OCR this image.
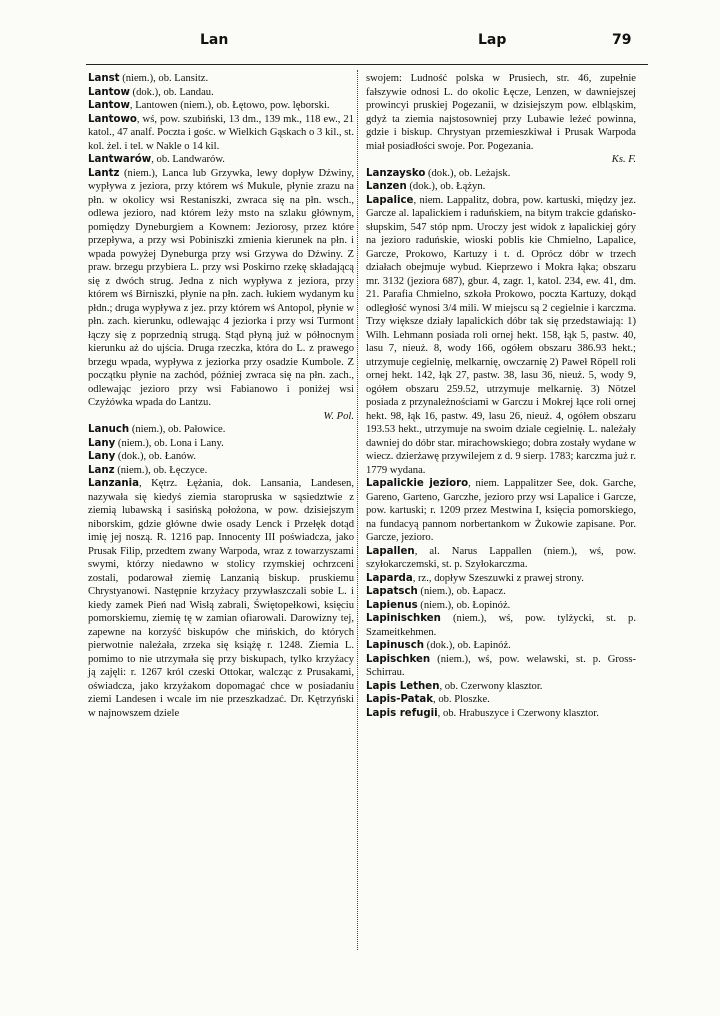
Lan	Lap	79

Lanst (niem.), ob. Lansitz.

Lantow (dok.), ob. Landau.

Lantow, Lantowen (niem.), ob. Łętowo, pow. lęborski.

Lantowo, wś, pow. szubiński, 13 dm., 139 mk., 118 ew., 21 katol., 47 analf. Poczta i gośc. w Wielkich Gąskach o 3 kil., st. kol. żel. i tel. w Nakle o 14 kil.

Lantwarów, ob. Landwarów.

Lantz (niem.), Lanca lub Grzywka, lewy dopływ Dźwiny, wypływa z jeziora, przy którem wś Mukule, płynie zrazu na płn. w okolicy wsi Restaniszki, zwraca się na płn. wsch., odlewa jezioro, nad którem leży msto na szlaku głównym, pomiędzy Dyneburgiem a Kownem: Jeziorosy, przez które przepływa, a przy wsi Pobiniszki zmienia kierunek na płn. i wpada powyżej Dyneburga przy wsi Grzywa do Dźwiny. Z praw. brzegu przybiera L. przy wsi Poskirno rzekę składającą się z dwóch strug. Jedna z nich wypływa z jeziora, przy którem wś Birniszki, płynie na płn. zach. łukiem wydanym ku płdn.; druga wypływa z jez. przy którem wś Antopol, płynie w płn. zach. kierunku, odlewając 4 jeziorka i przy wsi Turmont łączy się z poprzednią strugą. Stąd płyną już w północnym kierunku aż do ujścia. Druga rzeczka, która do L. z prawego brzegu wpada, wypływa z jeziorka przy osadzie Kumbole. Z początku płynie na zachód, później zwraca się na płn. zach., odlewając jezioro przy wsi Fabianowo i poniżej wsi Czyżówka wpada do Lantzu.
W. Pol.

Lanuch (niem.), ob. Pałowice.

Lany (niem.), ob. Lona i Lany.

Lany (dok.), ob. Łanów.

Lanz (niem.), ob. Łęczyce.

Lanzania, Kętrz. Łężania, dok. Lansania, Landesen, nazywała się kiedyś ziemia staropruska w sąsiedztwie z ziemią lubawską i sasińską położona, w pow. dzisiejszym niborskim, gdzie główne dwie osady Lenck i Przełęk dotąd imię jej noszą. R. 1216 pap. Innocenty III poświadcza, jako Prusak Filip, przedtem zwany Warpoda, wraz z towarzyszami swymi, którzy niedawno w stolicy rzymskiej ochrzceni zostali, podarował ziemię Lanzanią biskup. pruskiemu Chrystyanowi. Następnie krzyżacy przywłaszczali sobie L. i kiedy zamek Pień nad Wisłą zabrali, Świętopełkowi, księciu pomorskiemu, ziemię tę w zamian ofiarowali. Darowizny tej, zapewne na korzyść biskupów che mińskich, do których pierwotnie należała, zrzeka się książę r. 1248. Ziemia L. pomimo to nie utrzymała się przy biskupach, tylko krzyżacy ją zajęli: r. 1267 król czeski Ottokar, walcząc z Prusakami, oświadcza, jako krzyżakom dopomagać chce w posiadaniu ziemi Landesen i wcale im nie przeszkadzać. Dr. Kętrzyński w najnowszem dziele

swojem: Ludność polska w Prusiech, str. 46, zupełnie fałszywie odnosi L. do okolic Łęcze, Lenzen, w dawniejszej prowincyi pruskiej Pogezanii, w dzisiejszym pow. elbląskim, gdyż ta ziemia najstosowniej przy Lubawie leżeć powinna, gdzie i biskup. Chrystyan przemieszkiwał i Prusak Warpoda miał posiadłości swoje. Por. Pogezania.
Ks. F.

Lanzaysko (dok.), ob. Leżajsk.

Lanzen (dok.), ob. Łążyn.

Lapalice, niem. Lappalitz, dobra, pow. kartuski, między jez. Garcze al. lapalickiem i raduńskiem, na bitym trakcie gdańsko-słupskim, 547 stóp npm. Uroczy jest widok z łapalickiej góry na jezioro raduńskie, wioski poblis kie Chmielno, Lapalice, Garcze, Prokowo, Kartuzy i t. d. Oprócz dóbr w trzech działach obejmuje wybud. Kieprzewo i Mokra łąka; obszaru mr. 3132 (jeziora 687), gbur. 4, zagr. 1, katol. 234, ew. 41, dm. 21. Parafia Chmielno, szkoła Prokowo, poczta Kartuzy, dokąd odległość wynosi 3/4 mili. W miejscu są 2 cegielnie i karczma. Trzy większe działy lapalickich dóbr tak się przedstawiają: 1) Wilh. Lehmann posiada roli ornej hekt. 158, łąk 5, pastw. 40, lasu 7, nieuż. 8, wody 166, ogółem obszaru 386.93 hekt.; utrzymuje cegielnię, melkarnię, owczarnię 2) Paweł Röpell roli ornej hekt. 142, łąk 27, pastw. 38, lasu 36, nieuż. 5, wody 9, ogółem obszaru 259.52, utrzymuje melkarnię. 3) Nötzel posiada z przynależnościami w Garczu i Mokrej łące roli ornej hekt. 98, łąk 16, pastw. 49, lasu 26, nieuż. 4, ogółem obszaru 193.53 hekt., utrzymuje na swoim dziale cegielnię. L. należały dawniej do dóbr star. mirachowskiego; dobra zostały wydane w wiecz. dzierżawę przywilejem z d. 9 sierp. 1783; karczma już r. 1779 wydana.

Lapalickie jezioro, niem. Lappalitzer See, dok. Garche, Gareno, Garteno, Garczhe, jezioro przy wsi Lapalice i Garcze, pow. kartuski; r. 1209 przez Mestwina I, księcia pomorskiego, na fundacyą pannom norbertankom w Żukowie zapisane. Por. Garcze, jezioro.

Lapallen, al. Narus Lappallen (niem.), wś, pow. szyłokarczemski, st. p. Szyłokarczma.

Laparda, rz., dopływ Szeszuwki z prawej strony.

Lapatsch (niem.), ob. Łapacz.

Lapienus (niem.), ob. Łopinóż.

Lapinischken (niem.), wś, pow. tylżycki, st. p. Szameitkehmen.

Lapinusch (dok.), ob. Łapinóż.

Lapischken (niem.), wś, pow. welawski, st. p. Gross-Schirrau.

Lapis Lethen, ob. Czerwony klasztor.

Lapis-Patak, ob. Ploszke.

Lapis refugii, ob. Hrabuszyce i Czerwony klasztor.
